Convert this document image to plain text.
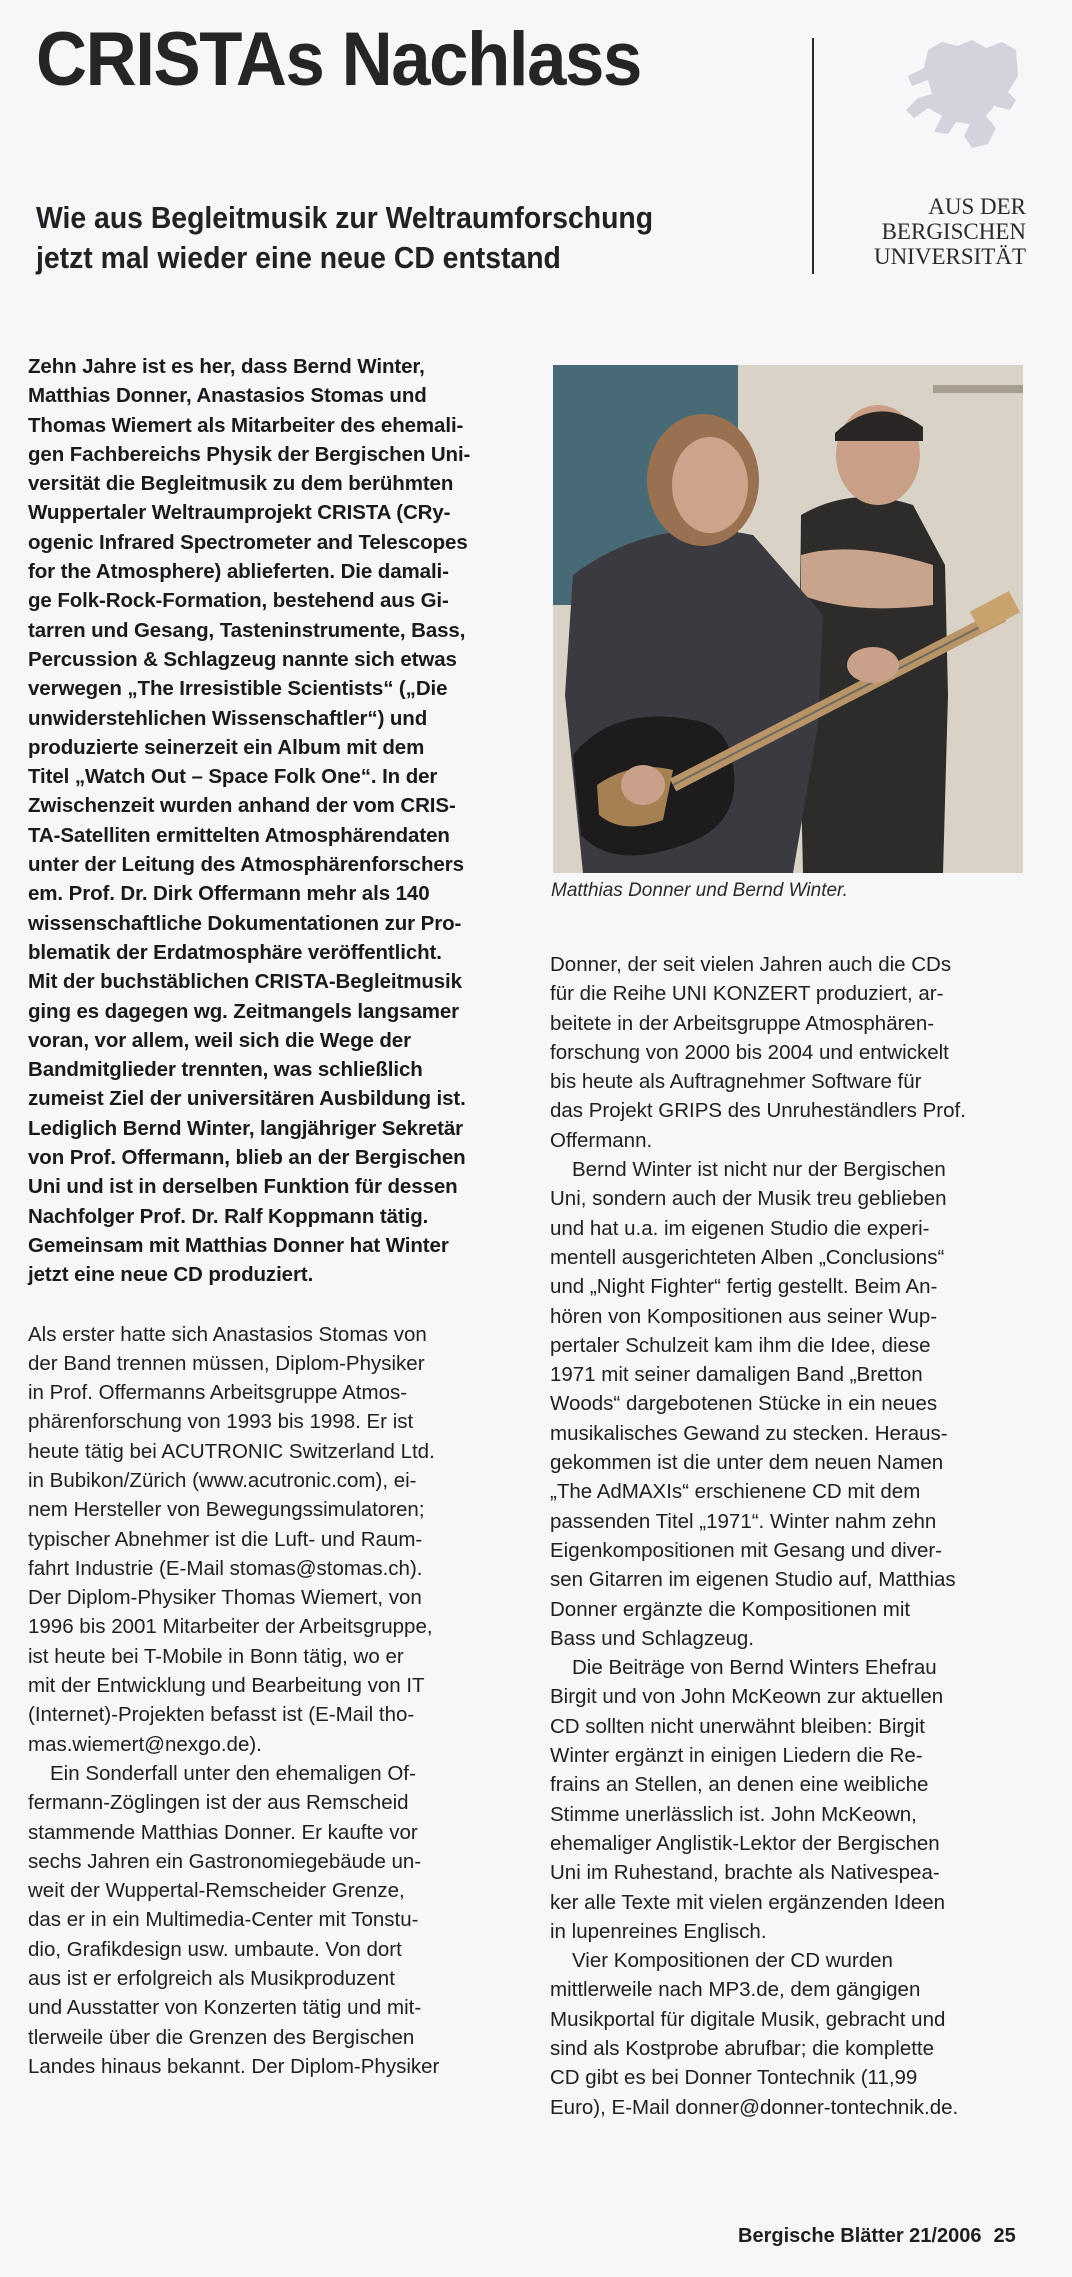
CRISTAs Nachlass
Wie aus Begleitmusik zur Weltraumforschung
jetzt mal wieder eine neue CD entstand
AUS DER
BERGISCHEN
UNIVERSITÄT
Zehn Jahre ist es her, dass Bernd Winter,
Matthias Donner, Anastasios Stomas und
Thomas Wiemert als Mitarbeiter des ehemali-
gen Fachbereichs Physik der Bergischen Uni-
versität die Begleitmusik zu dem berühmten
Wuppertaler Weltraumprojekt CRISTA (CRy-
ogenic Infrared Spectrometer and Telescopes
for the Atmosphere) ablieferten. Die damali-
ge Folk-Rock-Formation, bestehend aus Gi-
tarren und Gesang, Tasteninstrumente, Bass,
Percussion & Schlagzeug nannte sich etwas
verwegen „The Irresistible Scientists“ („Die
unwiderstehlichen Wissenschaftler“) und
produzierte seinerzeit ein Album mit dem
Titel „Watch Out – Space Folk One“. In der
Zwischenzeit wurden anhand der vom CRIS-
TA-Satelliten ermittelten Atmosphärendaten
unter der Leitung des Atmosphärenforschers
em. Prof. Dr. Dirk Offermann mehr als 140
wissenschaftliche Dokumentationen zur Pro-
blematik der Erdatmosphäre veröffentlicht.
Mit der buchstäblichen CRISTA-Begleitmusik
ging es dagegen wg. Zeitmangels langsamer
voran, vor allem, weil sich die Wege der
Bandmitglieder trennten, was schließlich
zumeist Ziel der universitären Ausbildung ist.
Lediglich Bernd Winter, langjähriger Sekretär
von Prof. Offermann, blieb an der Bergischen
Uni und ist in derselben Funktion für dessen
Nachfolger Prof. Dr. Ralf Koppmann tätig.
Gemeinsam mit Matthias Donner hat Winter
jetzt eine neue CD produziert.
Als erster hatte sich Anastasios Stomas von
der Band trennen müssen, Diplom-Physiker
in Prof. Offermanns Arbeitsgruppe Atmos-
phärenforschung von 1993 bis 1998. Er ist
heute tätig bei ACUTRONIC Switzerland Ltd.
in Bubikon/Zürich (www.acutronic.com), ei-
nem Hersteller von Bewegungssimulatoren;
typischer Abnehmer ist die Luft- und Raum-
fahrt Industrie (E-Mail stomas@stomas.ch).
Der Diplom-Physiker Thomas Wiemert, von
1996 bis 2001 Mitarbeiter der Arbeitsgruppe,
ist heute bei T-Mobile in Bonn tätig, wo er
mit der Entwicklung und Bearbeitung von IT
(Internet)-Projekten befasst ist (E-Mail tho-
mas.wiemert@nexgo.de).
Ein Sonderfall unter den ehemaligen Of-
fermann-Zöglingen ist der aus Remscheid
stammende Matthias Donner. Er kaufte vor
sechs Jahren ein Gastronomiegebäude un-
weit der Wuppertal-Remscheider Grenze,
das er in ein Multimedia-Center mit Tonstu-
dio, Grafikdesign usw. umbaute. Von dort
aus ist er erfolgreich als Musikproduzent
und Ausstatter von Konzerten tätig und mit-
tlerweile über die Grenzen des Bergischen
Landes hinaus bekannt. Der Diplom-Physiker
Matthias Donner und Bernd Winter.
Donner, der seit vielen Jahren auch die CDs
für die Reihe UNI KONZERT produziert, ar-
beitete in der Arbeitsgruppe Atmosphären-
forschung von 2000 bis 2004 und entwickelt
bis heute als Auftragnehmer Software für
das Projekt GRIPS des Unruheständlers Prof.
Offermann.
Bernd Winter ist nicht nur der Bergischen
Uni, sondern auch der Musik treu geblieben
und hat u.a. im eigenen Studio die experi-
mentell ausgerichteten Alben „Conclusions“
und „Night Fighter“ fertig gestellt. Beim An-
hören von Kompositionen aus seiner Wup-
pertaler Schulzeit kam ihm die Idee, diese
1971 mit seiner damaligen Band „Bretton
Woods“ dargebotenen Stücke in ein neues
musikalisches Gewand zu stecken. Heraus-
gekommen ist die unter dem neuen Namen
„The AdMAXIs“ erschienene CD mit dem
passenden Titel „1971“. Winter nahm zehn
Eigenkompositionen mit Gesang und diver-
sen Gitarren im eigenen Studio auf, Matthias
Donner ergänzte die Kompositionen mit
Bass und Schlagzeug.
Die Beiträge von Bernd Winters Ehefrau
Birgit und von John McKeown zur aktuellen
CD sollten nicht unerwähnt bleiben: Birgit
Winter ergänzt in einigen Liedern die Re-
frains an Stellen, an denen eine weibliche
Stimme unerlässlich ist. John McKeown,
ehemaliger Anglistik-Lektor der Bergischen
Uni im Ruhestand, brachte als Nativespea-
ker alle Texte mit vielen ergänzenden Ideen
in lupenreines Englisch.
Vier Kompositionen der CD wurden
mittlerweile nach MP3.de, dem gängigen
Musikportal für digitale Musik, gebracht und
sind als Kostprobe abrufbar; die komplette
CD gibt es bei Donner Tontechnik (11,99
Euro), E-Mail donner@donner-tontechnik.de.
Bergische Blätter 21/2006 25
